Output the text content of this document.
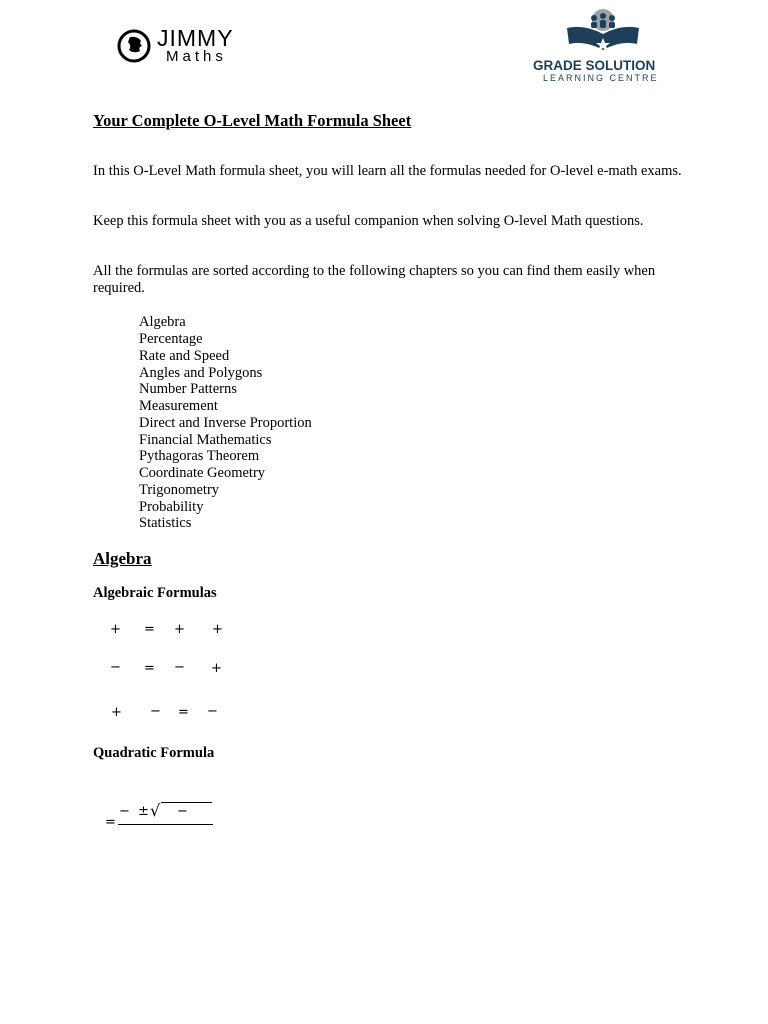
JIMMY
Maths
GRADE SOLUTION
LEARNING CENTRE
Your Complete O-Level Math Formula Sheet
In this O-Level Math formula sheet, you will learn all the formulas needed for O-level e-math exams.
Keep this formula sheet with you as a useful companion when solving O-level Math questions.
All the formulas are sorted according to the following chapters so you can find them easily when required.
Algebra
Percentage
Rate and Speed
Angles and Polygons
Number Patterns
Measurement
Direct and Inverse Proportion
Financial Mathematics
Pythagoras Theorem
Coordinate Geometry
Trigonometry
Probability
Statistics
Algebra
Algebraic Formulas
+ = + +
− = − +
+ − = −
Quadratic Formula
=
− ± √ −
